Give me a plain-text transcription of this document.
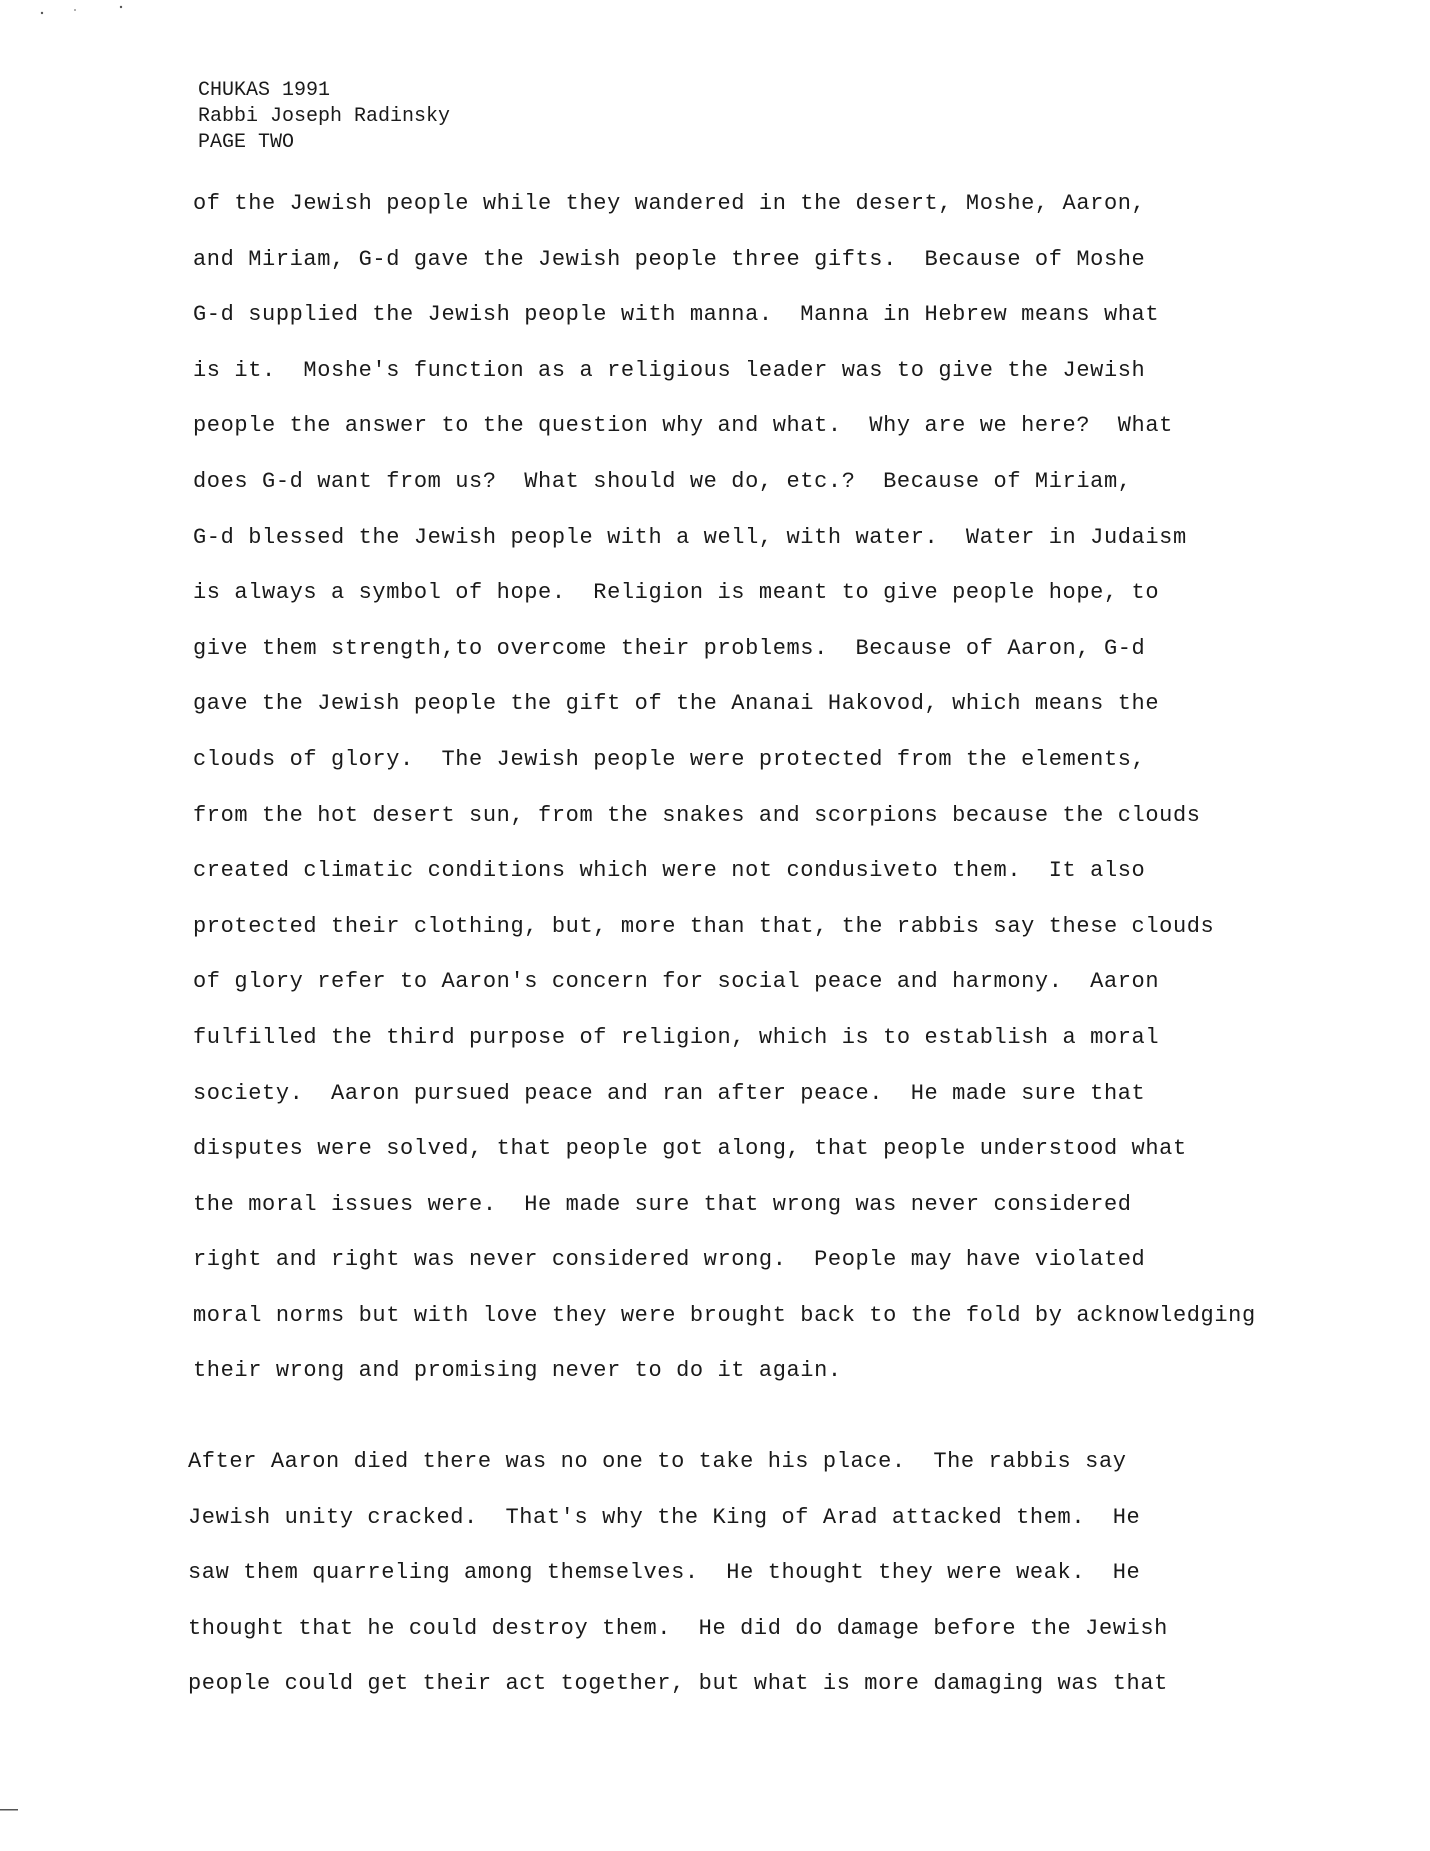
CHUKAS 1991
Rabbi Joseph Radinsky
PAGE TWO
of the Jewish people while they wandered in the desert, Moshe, Aaron,
and Miriam, G-d gave the Jewish people three gifts.  Because of Moshe
G-d supplied the Jewish people with manna.  Manna in Hebrew means what
is it.  Moshe's function as a religious leader was to give the Jewish
people the answer to the question why and what.  Why are we here?  What
does G-d want from us?  What should we do, etc.?  Because of Miriam,
G-d blessed the Jewish people with a well, with water.  Water in Judaism
is always a symbol of hope.  Religion is meant to give people hope, to
give them strength,to overcome their problems.  Because of Aaron, G-d
gave the Jewish people the gift of the Ananai Hakovod, which means the
clouds of glory.  The Jewish people were protected from the elements,
from the hot desert sun, from the snakes and scorpions because the clouds
created climatic conditions which were not condusiveto them.  It also
protected their clothing, but, more than that, the rabbis say these clouds
of glory refer to Aaron's concern for social peace and harmony.  Aaron
fulfilled the third purpose of religion, which is to establish a moral
society.  Aaron pursued peace and ran after peace.  He made sure that
disputes were solved, that people got along, that people understood what
the moral issues were.  He made sure that wrong was never considered
right and right was never considered wrong.  People may have violated
moral norms but with love they were brought back to the fold by acknowledging
their wrong and promising never to do it again.
After Aaron died there was no one to take his place.  The rabbis say
Jewish unity cracked.  That's why the King of Arad attacked them.  He
saw them quarreling among themselves.  He thought they were weak.  He
thought that he could destroy them.  He did do damage before the Jewish
people could get their act together, but what is more damaging was that
